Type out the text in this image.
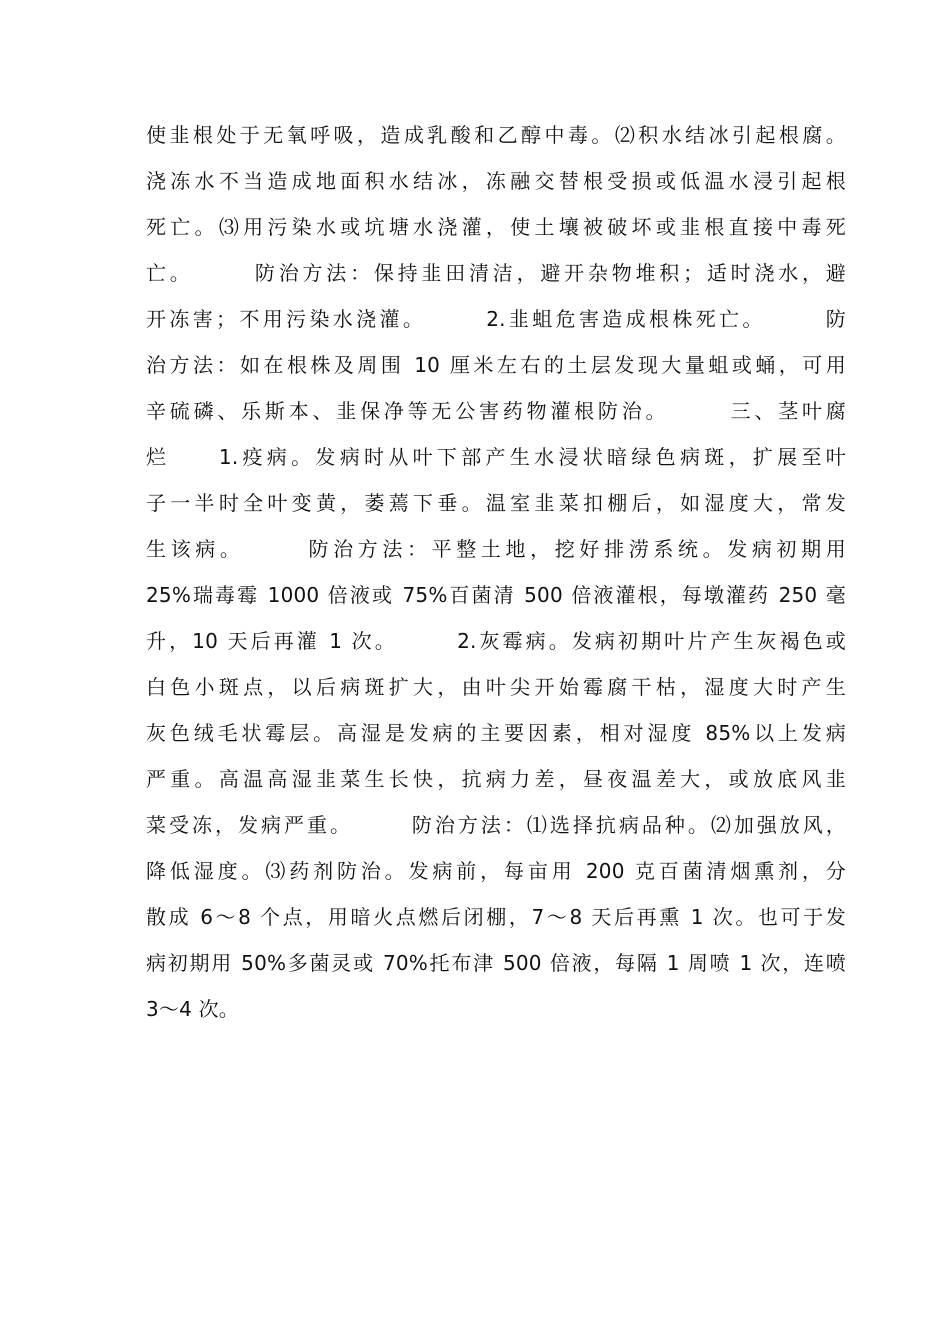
使韭根处于无氧呼吸，造成乳酸和乙醇中毒。⑵积水结冰引起根腐。
浇冻水不当造成地面积水结冰，冻融交替根受损或低温水浸引起根
死亡。⑶用污染水或坑塘水浇灌，使土壤被破坏或韭根直接中毒死
亡。　　　防治方法：保持韭田清洁，避开杂物堆积；适时浇水，避
开冻害；不用污染水浇灌。　　　2.韭蛆危害造成根株死亡。　　　防
治方法：如在根株及周围 10 厘米左右的土层发现大量蛆或蛹，可用
辛硫磷、乐斯本、韭保净等无公害药物灌根防治。　　　三、茎叶腐
烂　　1.疫病。发病时从叶下部产生水浸状暗绿色病斑，扩展至叶
子一半时全叶变黄，萎蔫下垂。温室韭菜扣棚后，如湿度大，常发
生该病。　　　防治方法：平整土地，挖好排涝系统。发病初期用
25%瑞毒霉 1000 倍液或 75%百菌清 500 倍液灌根，每墩灌药 250 毫
升，10 天后再灌 1 次。　　　2.灰霉病。发病初期叶片产生灰褐色或
白色小斑点，以后病斑扩大，由叶尖开始霉腐干枯，湿度大时产生
灰色绒毛状霉层。高湿是发病的主要因素，相对湿度 85%以上发病
严重。高温高湿韭菜生长快，抗病力差，昼夜温差大，或放底风韭
菜受冻，发病严重。　　　防治方法：⑴选择抗病品种。⑵加强放风，
降低湿度。⑶药剂防治。发病前，每亩用 200 克百菌清烟熏剂，分
散成 6～8 个点，用暗火点燃后闭棚，7～8 天后再熏 1 次。也可于发
病初期用 50%多菌灵或 70%托布津 500 倍液，每隔 1 周喷 1 次，连喷
3～4 次。
